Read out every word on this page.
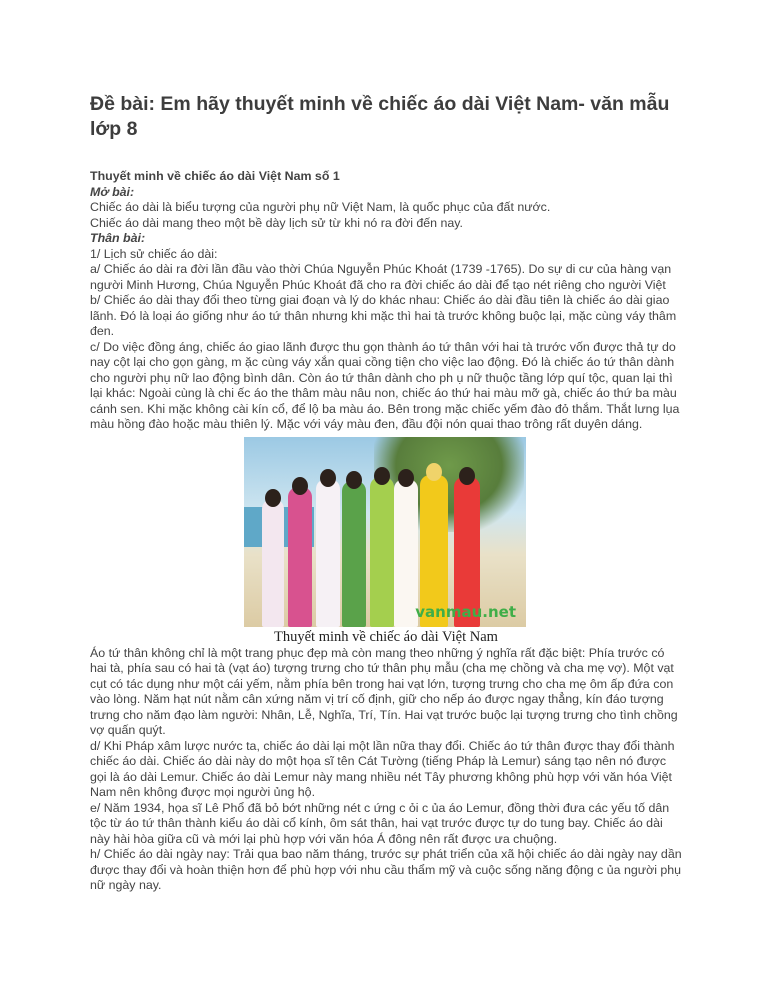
Đề bài: Em hãy thuyết minh về chiếc áo dài Việt Nam- văn mẫu lớp 8
Thuyết minh về chiếc áo dài Việt Nam số 1
Mở bài:
Chiếc áo dài là biểu tượng của người phụ nữ Việt Nam, là quốc phục của đất nước.
Chiếc áo dài mang theo một bề dày lịch sử từ khi nó ra đời đến nay.
Thân bài:
1/ Lịch sử chiếc áo dài:
a/ Chiếc áo dài ra đời lần đầu vào thời Chúa Nguyễn Phúc Khoát (1739 -1765). Do sự di cư của hàng vạn người Minh Hương, Chúa Nguyễn Phúc Khoát đã cho ra đời chiếc áo dài để tạo nét riêng cho người Việt
b/ Chiếc áo dài thay đổi theo từng giai đoạn và lý do khác nhau: Chiếc áo dài đầu tiên là chiếc áo dài giao lãnh. Đó là loại áo giống như áo tứ thân nhưng khi mặc thì hai tà trước không buộc lại, mặc cùng váy thâm đen.
c/ Do việc đồng áng, chiếc áo giao lãnh được thu gọn thành áo tứ thân với hai tà trước vốn được thả tự do nay cột lại cho gọn gàng, m ặc cùng váy xắn quai cồng tiện cho việc lao động. Đó là chiếc áo tứ thân dành cho người phụ nữ lao động bình dân. Còn áo tứ thân dành cho ph ụ nữ thuộc tầng lớp quí tộc, quan lại thì lại khác: Ngoài cùng là chi ếc áo the thâm màu nâu non, chiếc áo thứ hai màu mỡ gà, chiếc áo thứ ba màu cánh sen. Khi mặc không cài kín cổ, để lộ ba màu áo. Bên trong mặc chiếc yếm đào đỏ thắm. Thắt lưng lụa màu hồng đào hoặc màu thiên lý. Mặc với váy màu đen, đầu đội nón quai thao trông rất duyên dáng.
vanmau.net
Thuyết minh về chiếc áo dài Việt Nam
Áo tứ thân không chỉ là một trang phục đẹp mà còn mang theo những ý nghĩa rất đặc biệt: Phía trước có hai tà, phía sau có hai tà (vạt áo) tượng trưng cho tứ thân phụ mẫu (cha mẹ chồng và cha mẹ vợ). Một vạt cụt có tác dụng như một cái yếm, nằm phía bên trong hai vạt lớn, tượng trưng cho cha mẹ ôm ấp đứa con vào lòng. Năm hạt nút nằm cân xứng năm vị trí cố định, giữ cho nếp áo được ngay thẳng, kín đáo tượng trưng cho năm đạo làm người: Nhân, Lễ, Nghĩa, Trí, Tín. Hai vạt trước buộc lại tượng trưng cho tình chồng vợ quấn quýt.
d/ Khi Pháp xâm lược nước ta, chiếc áo dài lại một lần nữa thay đổi. Chiếc áo tứ thân được thay đổi thành chiếc áo dài. Chiếc áo dài này do một họa sĩ tên Cát Tường (tiếng Pháp là Lemur) sáng tạo nên nó được gọi là áo dài Lemur. Chiếc áo dài Lemur này mang nhiều nét Tây phương không phù hợp với văn hóa Việt Nam nên không được mọi người ủng hộ.
e/ Năm 1934, họa sĩ Lê Phổ đã bỏ bớt những nét c ứng c ỏi c ủa áo Lemur, đồng thời đưa các yếu tố dân tộc từ áo tứ thân thành kiểu áo dài cổ kính, ôm sát thân, hai vạt trước được tự do tung bay. Chiếc áo dài này hài hòa giữa cũ và mới lại phù hợp với văn hóa Á đông nên rất được ưa chuộng.
h/ Chiếc áo dài ngày nay: Trải qua bao năm tháng, trước sự phát triển của xã hội chiếc áo dài ngày nay dần được thay đổi và hoàn thiện hơn để phù hợp với nhu cầu thẩm mỹ và cuộc sống năng động c ủa người phụ nữ ngày nay.
